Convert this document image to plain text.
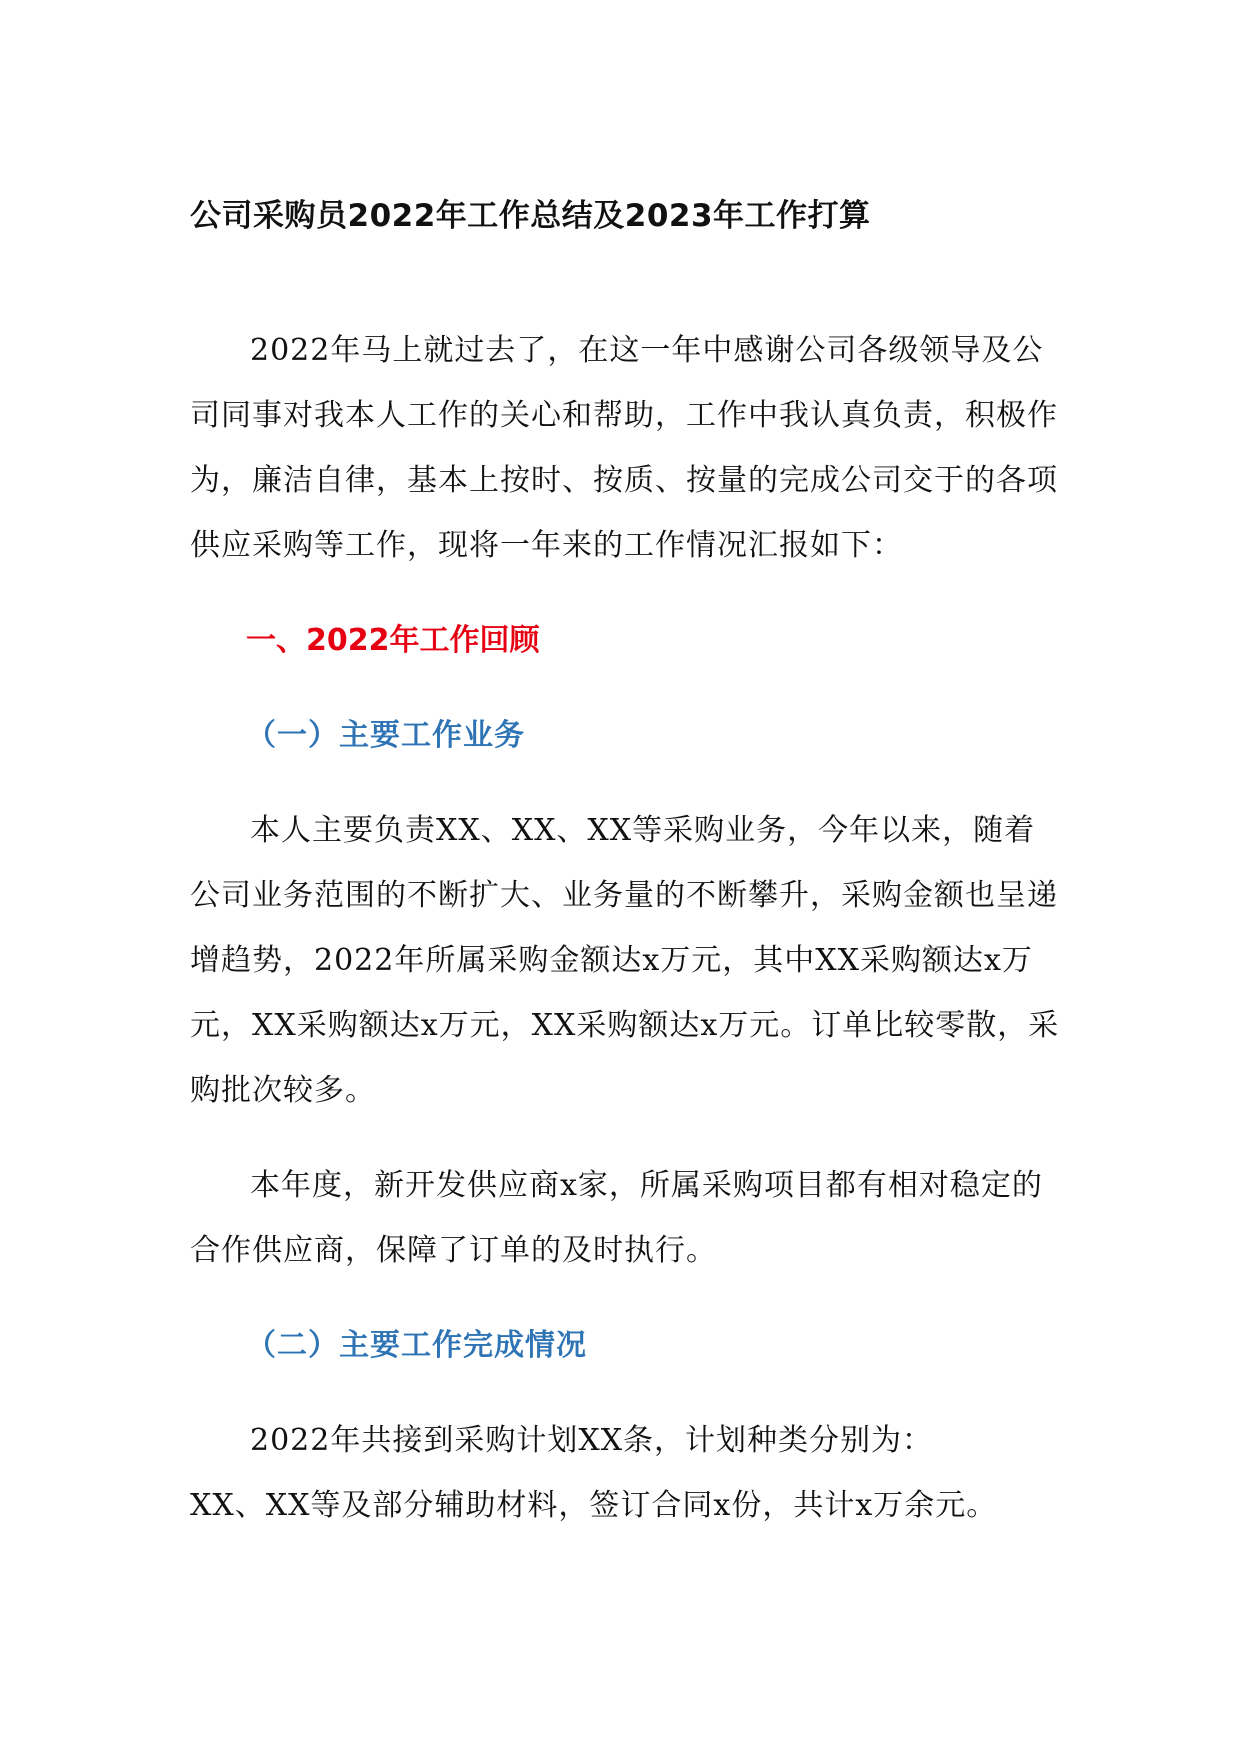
公司采购员2022年工作总结及2023年工作打算

2022年马上就过去了，在这一年中感谢公司各级领导及公司同事对我本人工作的关心和帮助，工作中我认真负责，积极作为，廉洁自律，基本上按时、按质、按量的完成公司交于的各项供应采购等工作，现将一年来的工作情况汇报如下：

一、2022年工作回顾
（一）主要工作业务

本人主要负责XX、XX、XX等采购业务，今年以来，随着公司业务范围的不断扩大、业务量的不断攀升，采购金额也呈递增趋势，2022年所属采购金额达x万元，其中XX采购额达x万元，XX采购额达x万元，XX采购额达x万元。订单比较零散，采购批次较多。

本年度，新开发供应商x家，所属采购项目都有相对稳定的合作供应商，保障了订单的及时执行。

（二）主要工作完成情况

2022年共接到采购计划XX条，计划种类分别为：

XX、XX等及部分辅助材料，签订合同x份，共计x万余元。
